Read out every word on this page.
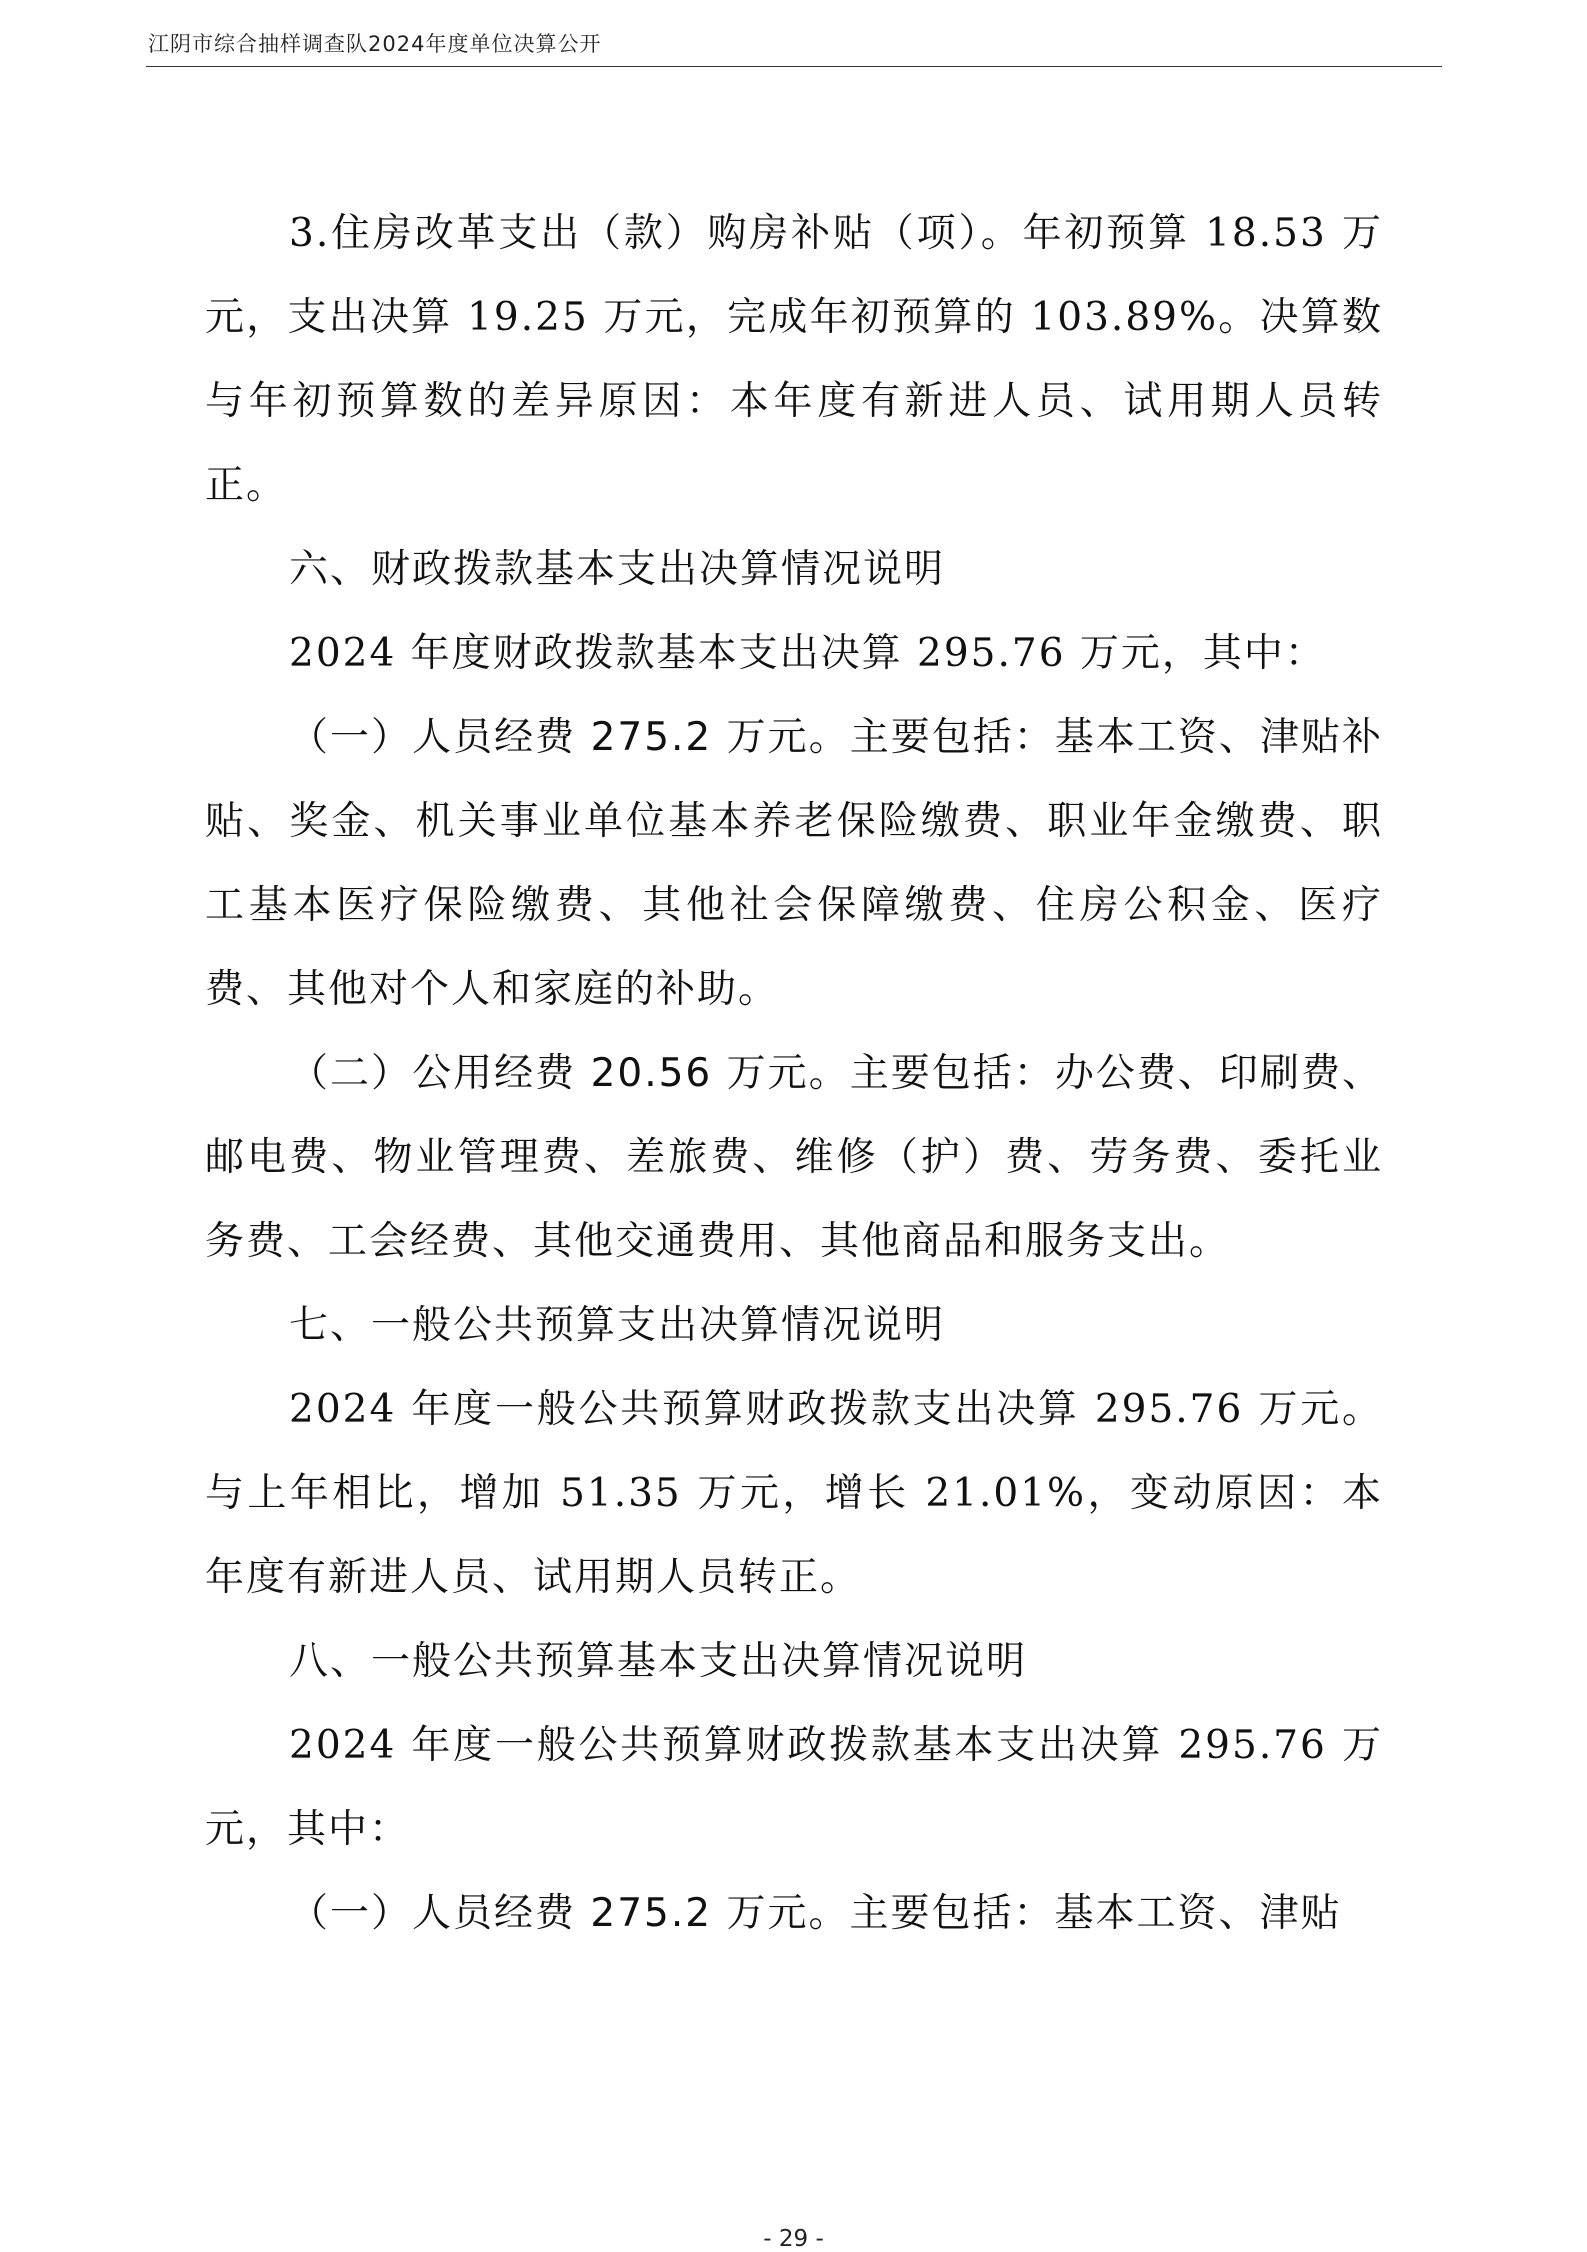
江阴市综合抽样调查队2024年度单位决算公开

3.住房改革支出（款）购房补贴（项）。年初预算 18.53 万元，支出决算 19.25 万元，完成年初预算的 103.89%。决算数与年初预算数的差异原因：本年度有新进人员、试用期人员转正。

六、财政拨款基本支出决算情况说明

2024 年度财政拨款基本支出决算 295.76 万元，其中：

（一）人员经费 275.2 万元。主要包括：基本工资、津贴补贴、奖金、机关事业单位基本养老保险缴费、职业年金缴费、职工基本医疗保险缴费、其他社会保障缴费、住房公积金、医疗费、其他对个人和家庭的补助。

（二）公用经费 20.56 万元。主要包括：办公费、印刷费、邮电费、物业管理费、差旅费、维修（护）费、劳务费、委托业务费、工会经费、其他交通费用、其他商品和服务支出。

七、一般公共预算支出决算情况说明

2024 年度一般公共预算财政拨款支出决算 295.76 万元。与上年相比，增加 51.35 万元，增长 21.01%，变动原因：本年度有新进人员、试用期人员转正。

八、一般公共预算基本支出决算情况说明

2024 年度一般公共预算财政拨款基本支出决算 295.76 万元，其中：

（一）人员经费 275.2 万元。主要包括：基本工资、津贴

- 29 -
